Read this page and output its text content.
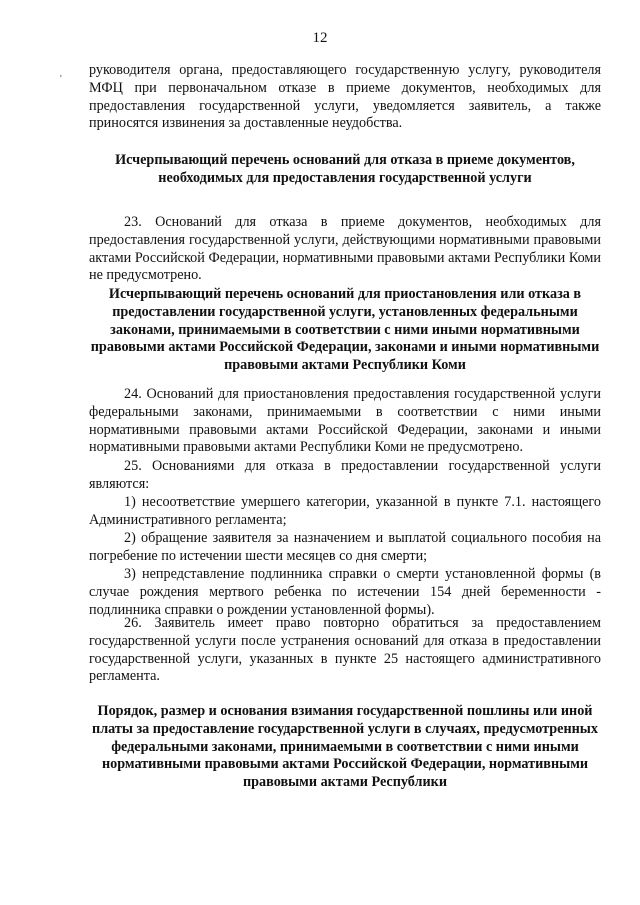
12
'
руководителя органа, предоставляющего государственную услугу, руководителя МФЦ при первоначальном отказе в приеме документов, необходимых для предоставления государственной услуги, уведомляется заявитель, а также приносятся извинения за доставленные неудобства.
Исчерпывающий перечень оснований для отказа в приеме документов, необходимых для предоставления государственной услуги
23. Оснований для отказа в приеме документов, необходимых для предоставления государственной услуги, действующими нормативными правовыми актами Российской Федерации, нормативными правовыми актами Республики Коми не предусмотрено.
Исчерпывающий перечень оснований для приостановления или отказа в предоставлении государственной услуги, установленных федеральными законами, принимаемыми в соответствии с ними иными нормативными правовыми актами Российской Федерации, законами и иными нормативными правовыми актами Республики Коми
24. Оснований для приостановления предоставления государственной услуги федеральными законами, принимаемыми в соответствии с ними иными нормативными правовыми актами Российской Федерации, законами и иными нормативными правовыми актами Республики Коми не предусмотрено.
25. Основаниями для отказа в предоставлении государственной услуги являются:
1) несоответствие умершего категории, указанной в пункте 7.1. настоящего Административного регламента;
2) обращение заявителя за назначением и выплатой социального пособия на погребение по истечении шести месяцев со дня смерти;
3) непредставление подлинника справки о смерти установленной формы (в случае рождения мертвого ребенка по истечении 154 дней беременности - подлинника справки о рождении установленной формы).
26. Заявитель имеет право повторно обратиться за предоставлением государственной услуги после устранения оснований для отказа в предоставлении государственной услуги, указанных в пункте 25 настоящего административного регламента.
Порядок, размер и основания взимания государственной пошлины или иной платы за предоставление государственной услуги в случаях, предусмотренных федеральными законами, принимаемыми в соответствии с ними иными нормативными правовыми актами Российской Федерации, нормативными правовыми актами Республики
